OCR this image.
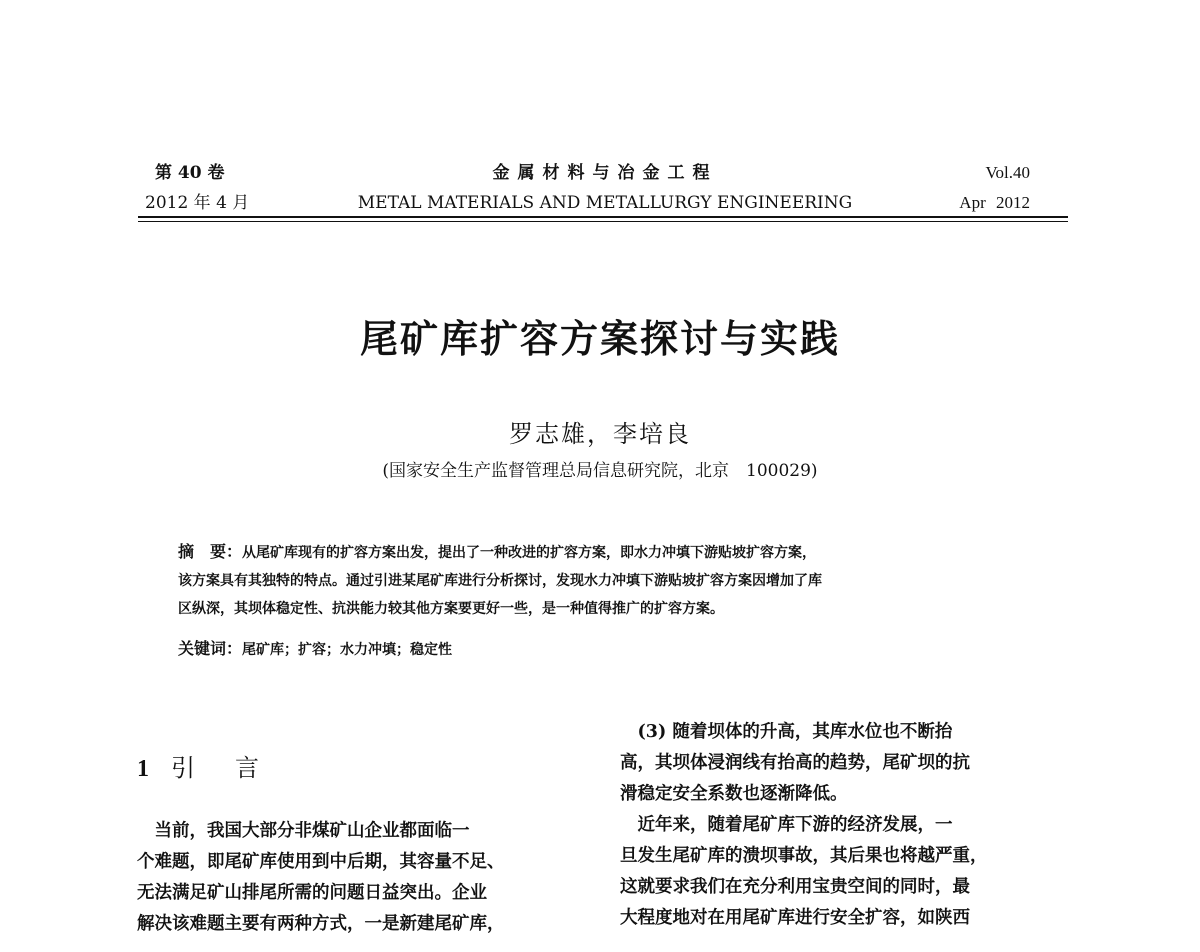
第 40 卷
2012 年 4 月
金属材料与冶金工程
METAL MATERIALS AND METALLURGY ENGINEERING
Vol.40
Apr 2012
尾矿库扩容方案探讨与实践
罗志雄，李培良
(国家安全生产监督管理总局信息研究院，北京　100029)

摘　要：从尾矿库现有的扩容方案出发，提出了一种改进的扩容方案，即水力冲填下游贴坡扩容方案，

该方案具有其独特的特点。通过引进某尾矿库进行分析探讨，发现水力冲填下游贴坡扩容方案因增加了库

区纵深，其坝体稳定性、抗洪能力较其他方案要更好一些，是一种值得推广的扩容方案。

关键词：尾矿库；扩容；水力冲填；稳定性
1 引言

　当前，我国大部分非煤矿山企业都面临一

个难题，即尾矿库使用到中后期，其容量不足、

无法满足矿山排尾所需的问题日益突出。企业

解决该难题主要有两种方式，一是新建尾矿库，

　(3) 随着坝体的升高，其库水位也不断抬

高，其坝体浸润线有抬高的趋势，尾矿坝的抗

滑稳定安全系数也逐渐降低。

　近年来，随着尾矿库下游的经济发展，一

旦发生尾矿库的溃坝事故，其后果也将越严重，

这就要求我们在充分利用宝贵空间的同时，最

大程度地对在用尾矿库进行安全扩容，如陕西
